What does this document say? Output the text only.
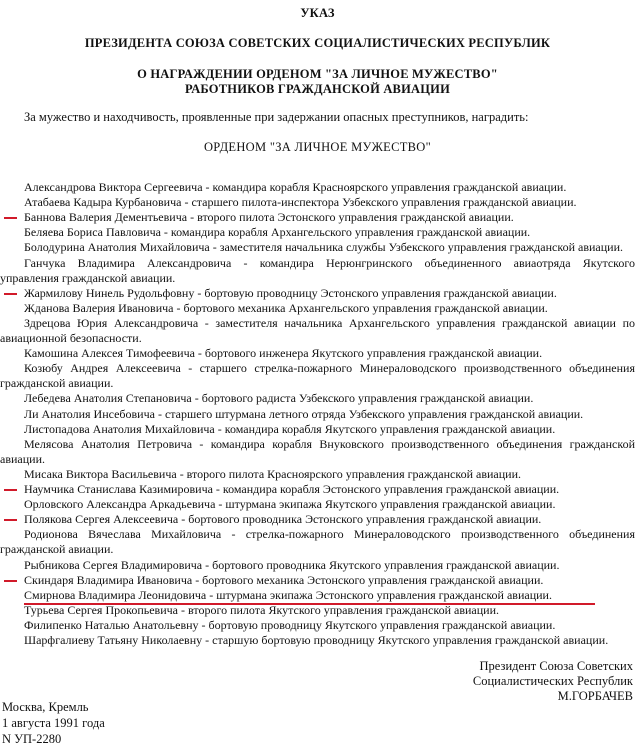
УКАЗ
ПРЕЗИДЕНТА СОЮЗА СОВЕТСКИХ СОЦИАЛИСТИЧЕСКИХ РЕСПУБЛИК
О НАГРАЖДЕНИИ ОРДЕНОМ "ЗА ЛИЧНОЕ МУЖЕСТВО"
РАБОТНИКОВ ГРАЖДАНСКОЙ АВИАЦИИ
За мужество и находчивость, проявленные при задержании опасных преступников, наградить:
ОРДЕНОМ "ЗА ЛИЧНОЕ МУЖЕСТВО"
Александрова Виктора Сергеевича - командира корабля Красноярского управления гражданской авиации.
Атабаева Кадыра Курбановича - старшего пилота-инспектора Узбекского управления гражданской авиации.
Баннова Валерия Дементьевича - второго пилота Эстонского управления гражданской авиации.
Беляева Бориса Павловича - командира корабля Архангельского управления гражданской авиации.
Болодурина Анатолия Михайловича - заместителя начальника службы Узбекского управления гражданской авиации.
Ганчука Владимира Александровича - командира Нерюнгринского объединенного авиаотряда Якутского
управления гражданской авиации.
Жармилову Нинель Рудольфовну - бортовую проводницу Эстонского управления гражданской авиации.
Жданова Валерия Ивановича - бортового механика Архангельского управления гражданской авиации.
Здрецова Юрия Александровича - заместителя начальника Архангельского управления гражданской авиации по
авиационной безопасности.
Камошина Алексея Тимофеевича - бортового инженера Якутского управления гражданской авиации.
Козюбу Андрея Алексеевича - старшего стрелка-пожарного Минераловодского производственного объединения
гражданской авиации.
Лебедева Анатолия Степановича - бортового радиста Узбекского управления гражданской авиации.
Ли Анатолия Инсебовича - старшего штурмана летного отряда Узбекского управления гражданской авиации.
Листопадова Анатолия Михайловича - командира корабля Якутского управления гражданской авиации.
Мелясова Анатолия Петровича - командира корабля Внуковского производственного объединения гражданской
авиации.
Мисака Виктора Васильевича - второго пилота Красноярского управления гражданской авиации.
Наумчика Станислава Казимировича - командира корабля Эстонского управления гражданской авиации.
Орловского Александра Аркадьевича - штурмана экипажа Якутского управления гражданской авиации.
Полякова Сергея Алексеевича - бортового проводника Эстонского управления гражданской авиации.
Родионова Вячеслава Михайловича - стрелка-пожарного Минераловодского производственного объединения
гражданской авиации.
Рыбникова Сергея Владимировича - бортового проводника Якутского управления гражданской авиации.
Скиндаря Владимира Ивановича - бортового механика Эстонского управления гражданской авиации.
Смирнова Владимира Леонидовича - штурмана экипажа Эстонского управления гражданской авиации.
Турьева Сергея Прокопьевича - второго пилота Якутского управления гражданской авиации.
Филипенко Наталью Анатольевну - бортовую проводницу Якутского управления гражданской авиации.
Шарфгалиеву Татьяну Николаевну - старшую бортовую проводницу Якутского управления гражданской авиации.
Президент Союза Советских
Социалистических Республик
М.ГОРБАЧЕВ
Москва, Кремль
1 августа 1991 года
N УП-2280
